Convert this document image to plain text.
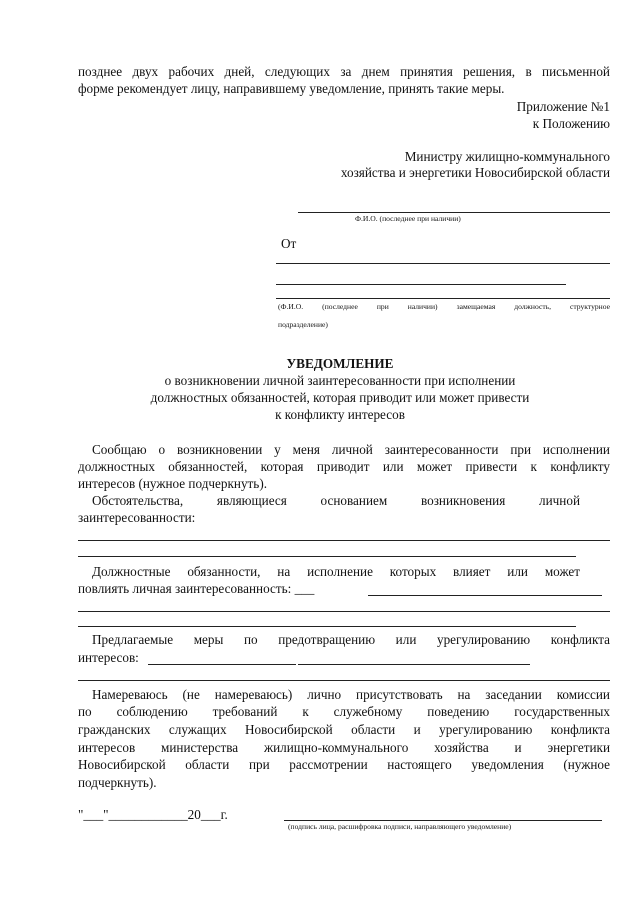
позднее двух рабочих дней, следующих за днем принятия решения, в письменной
форме рекомендует лицу, направившему уведомление, принять такие меры.
Приложение №1
к Положению
Министру жилищно-коммунального
хозяйства и энергетики Новосибирской области
Ф.И.О. (последнее при наличии)
От
(Ф.И.О. (последнее при наличии) замещаемая должность, структурное
подразделение)
УВЕДОМЛЕНИЕ
о возникновении личной заинтересованности при исполнении
должностных обязанностей, которая приводит или может привести
к конфликту интересов
Сообщаю о возникновении у меня личной заинтересованности при исполнении
должностных обязанностей, которая приводит или может привести к конфликту
интересов (нужное подчеркнуть).
Обстоятельства, являющиеся основанием возникновения личной
заинтересованности:
Должностные обязанности, на исполнение которых влияет или может
повлиять личная заинтересованность: ___
Предлагаемые меры по предотвращению или урегулированию конфликта
интересов:
Намереваюсь (не намереваюсь) лично присутствовать на заседании комиссии
по соблюдению требований к служебному поведению государственных
гражданских служащих Новосибирской области и урегулированию конфликта
интересов министерства жилищно-коммунального хозяйства и энергетики
Новосибирской области при рассмотрении настоящего уведомления (нужное
подчеркнуть).
"___"____________20___г.
(подпись лица, расшифровка подписи, направляющего уведомление)
